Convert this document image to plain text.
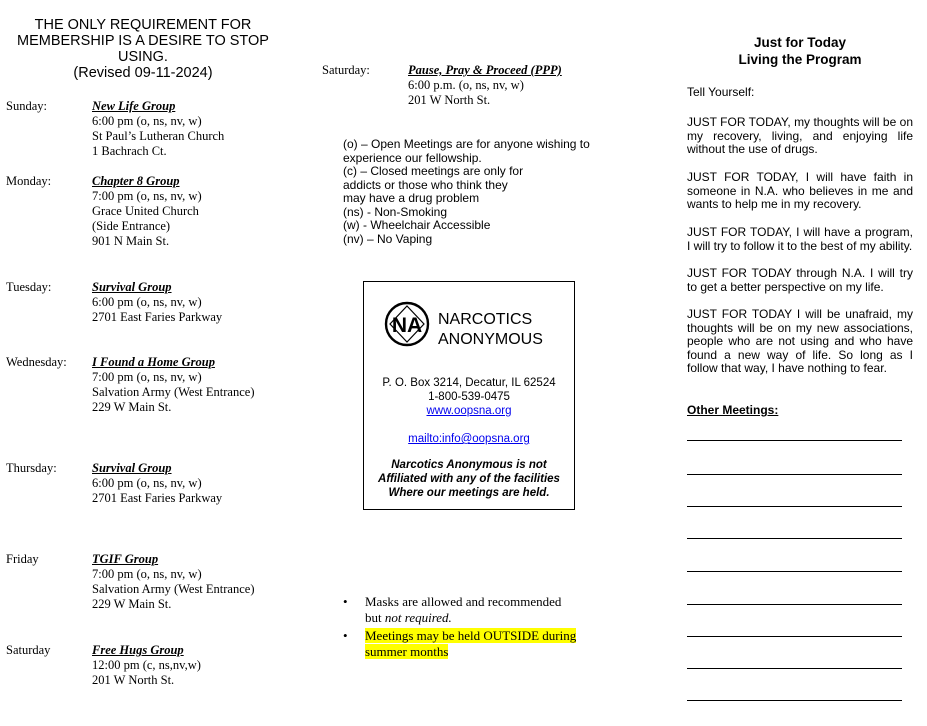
THE ONLY REQUIREMENT FOR
MEMBERSHIP IS A DESIRE TO STOP
USING.
(Revised 09-11-2024)
Sunday:	New Life Group
6:00 pm (o, ns, nv, w)
St Paul’s Lutheran Church
1 Bachrach Ct.
Monday:	Chapter 8 Group
7:00 pm (o, ns, nv, w)
Grace United Church
(Side Entrance)
901 N Main St.
Tuesday:	Survival Group
6:00 pm (o, ns, nv, w)
2701 East Faries Parkway
Wednesday: I Found a Home Group
7:00 pm (o, ns, nv, w)
Salvation Army (West Entrance)
229 W Main St.
Thursday:	Survival Group
6:00 pm (o, ns, nv, w)
2701 East Faries Parkway
Friday	TGIF Group
7:00 pm (o, ns, nv, w)
Salvation Army (West Entrance)
229 W Main St.
Saturday	Free Hugs Group
12:00 pm (c, ns,nv,w)
201 W North St.
Saturday:	Pause, Pray & Proceed (PPP)
6:00 p.m. (o, ns, nv, w)
201 W North St.
(o) – Open Meetings are for anyone wishing to
experience our fellowship.
(c) – Closed meetings are only for
addicts or those who think they
may have a drug problem
(ns) - Non-Smoking
(w) - Wheelchair Accessible
(nv) – No Vaping
NA NARCOTICS
ANONYMOUS
P. O. Box 3214, Decatur, IL 62524
1-800-539-0475
www.oopsna.org
mailto:info@oopsna.org
Narcotics Anonymous is not
Affiliated with any of the facilities
Where our meetings are held.
• Masks are allowed and recommended
but not required.
• Meetings may be held OUTSIDE during
summer months
Just for Today
Living the Program
Tell Yourself:
JUST FOR TODAY, my thoughts will be on my recovery, living, and enjoying life without the use of drugs.
JUST FOR TODAY, I will have faith in someone in N.A. who believes in me and wants to help me in my recovery.
JUST FOR TODAY, I will have a program, I will try to follow it to the best of my ability.
JUST FOR TODAY through N.A. I will try to get a better perspective on my life.
JUST FOR TODAY I will be unafraid, my thoughts will be on my new associations, people who are not using and who have found a new way of life. So long as I follow that way, I have nothing to fear.
Other Meetings:
